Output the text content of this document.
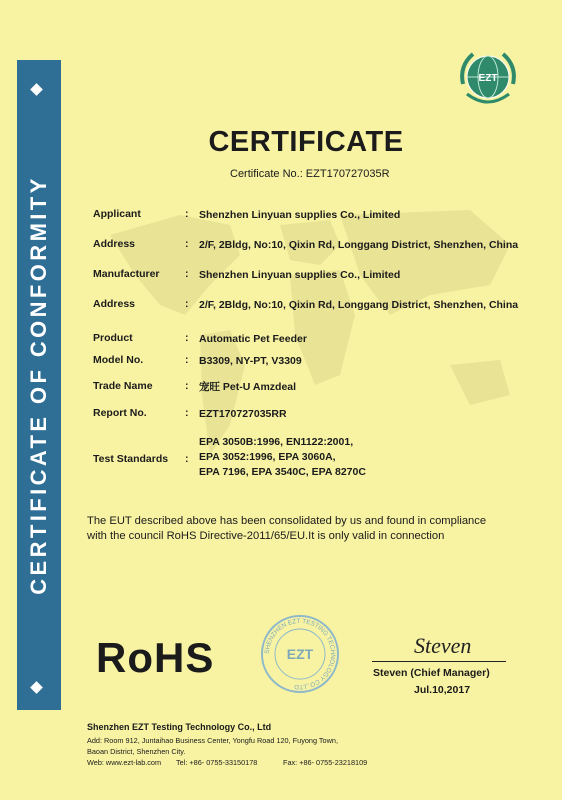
CERTIFICATE OF CONFORMITY
EZT
CERTIFICATE
Certificate No.: EZT170727035R
Applicant	: Shenzhen Linyuan supplies Co., Limited
Address	: 2/F, 2Bldg, No:10, Qixin Rd, Longgang District, Shenzhen, China
Manufacturer : Shenzhen Linyuan supplies Co., Limited
Address	: 2/F, 2Bldg, No:10, Qixin Rd, Longgang District, Shenzhen, China
Product	: Automatic Pet Feeder
Model No.	: B3309, NY-PT, V3309
Trade Name	: 宠旺 Pet-U Amzdeal
Report No.	: EZT170727035RR
Test Standards :
EPA 3050B:1996, EN1122:2001,
EPA 3052:1996, EPA 3060A,
EPA 7196, EPA 3540C, EPA 8270C
The EUT described above has been consolidated by us and found in compliance
with the council RoHS Directive-2011/65/EU.It is only valid in connection
RoHS	SHENZHEN EZT TESTING TECHNOLOGY CO.,LTD
EZT	Steven
Steven (Chief Manager)
Jul.10,2017
Shenzhen EZT Testing Technology Co., Ltd
Add: Room 912, Juntaihao Business Center, Yongfu Road 120, Fuyong Town,
Baoan District, Shenzhen City.
Web: www.ezt-lab.com Tel: +86- 0755-33150178	Fax: +86- 0755-23218109
